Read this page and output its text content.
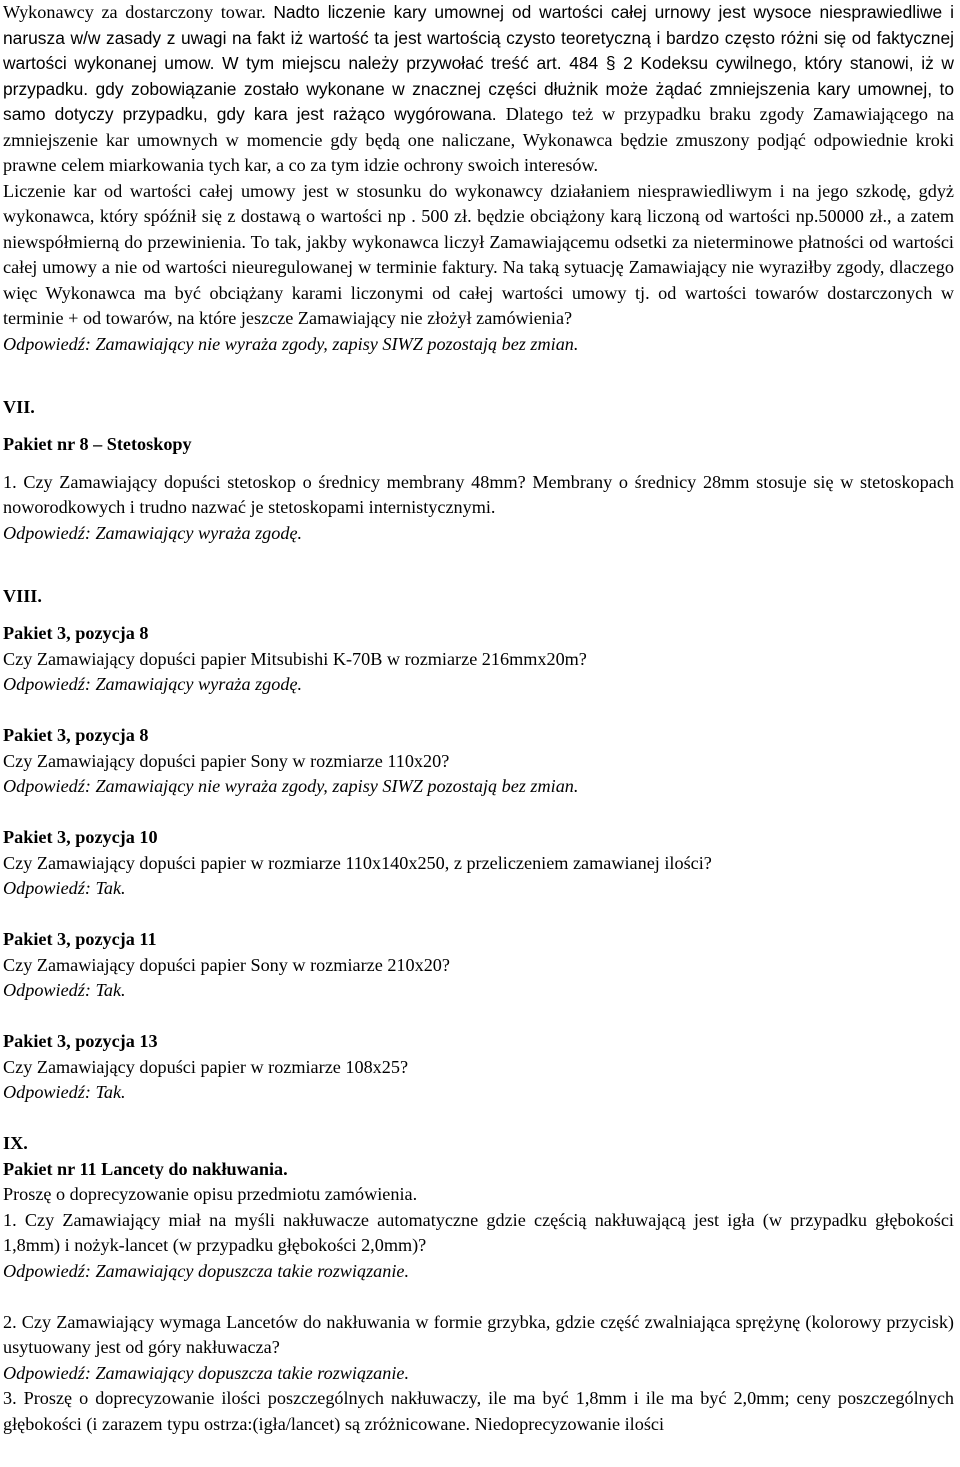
Wykonawcy za dostarczony towar. Nadto liczenie kary umownej od wartości całej urnowy jest wysoce niesprawiedliwe i narusza w/w zasady z uwagi na fakt iż wartość ta jest wartością czysto teoretyczną i bardzo często różni się od faktycznej wartości wykonanej umow. W tym miejscu należy przywołać treść art. 484 § 2 Kodeksu cywilnego, który stanowi, iż w przypadku. gdy zobowiązanie zostało wykonane w znacznej części dłużnik może żądać zmniejszenia kary umownej, to samo dotyczy przypadku, gdy kara jest rażąco wygórowana. Dlatego też w przypadku braku zgody Zamawiającego na zmniejszenie kar umownych w momencie gdy będą one naliczane, Wykonawca będzie zmuszony podjąć odpowiednie kroki prawne celem miarkowania tych kar, a co za tym idzie ochrony swoich interesów.

Liczenie kar od wartości całej umowy jest w stosunku do wykonawcy działaniem niesprawiedliwym i na jego szkodę, gdyż wykonawca, który spóźnił się z dostawą o wartości np . 500 zł. będzie obciążony karą liczoną od wartości np.50000 zł., a zatem niewspółmierną do przewinienia. To tak, jakby wykonawca liczył Zamawiającemu odsetki za nieterminowe płatności od wartości całej umowy a nie od wartości nieuregulowanej w terminie faktury. Na taką sytuację Zamawiający nie wyraziłby zgody, dlaczego więc Wykonawca ma być obciążany karami liczonymi od całej wartości umowy tj. od wartości towarów dostarczonych w terminie + od towarów, na które jeszcze Zamawiający nie złożył zamówienia?

Odpowiedź: Zamawiający nie wyraża zgody, zapisy SIWZ pozostają bez zmian.

VII.

Pakiet nr 8 – Stetoskopy

1. Czy Zamawiający dopuści stetoskop o średnicy membrany 48mm? Membrany o średnicy 28mm stosuje się w stetoskopach noworodkowych i trudno nazwać je stetoskopami internistycznymi.

Odpowiedź: Zamawiający wyraża zgodę.

VIII.

Pakiet 3, pozycja 8

Czy Zamawiający dopuści papier Mitsubishi K-70B w rozmiarze 216mmx20m?

Odpowiedź: Zamawiający wyraża zgodę.

Pakiet 3, pozycja 8

Czy Zamawiający dopuści papier Sony w rozmiarze 110x20?

Odpowiedź: Zamawiający nie wyraża zgody, zapisy SIWZ pozostają bez zmian.

Pakiet 3, pozycja 10

Czy Zamawiający dopuści papier w rozmiarze 110x140x250, z przeliczeniem zamawianej ilości?

Odpowiedź: Tak.

Pakiet 3, pozycja 11

Czy Zamawiający dopuści papier Sony w rozmiarze 210x20?

Odpowiedź: Tak.

Pakiet 3, pozycja 13

Czy Zamawiający dopuści papier w rozmiarze 108x25?

Odpowiedź: Tak.

IX.

Pakiet nr 11 Lancety do nakłuwania.

Proszę o doprecyzowanie opisu przedmiotu zamówienia.

1. Czy Zamawiający miał na myśli nakłuwacze automatyczne gdzie częścią nakłuwającą jest igła (w przypadku głębokości 1,8mm) i nożyk-lancet (w przypadku głębokości 2,0mm)?

Odpowiedź: Zamawiający dopuszcza takie rozwiązanie.

2. Czy Zamawiający wymaga Lancetów do nakłuwania w formie grzybka, gdzie część zwalniająca sprężynę (kolorowy przycisk) usytuowany jest od góry nakłuwacza?

Odpowiedź: Zamawiający dopuszcza takie rozwiązanie.

3. Proszę o doprecyzowanie ilości poszczególnych nakłuwaczy, ile ma być 1,8mm i ile ma być 2,0mm; ceny poszczególnych głębokości (i zarazem typu ostrza:(igła/lancet) są zróżnicowane. Niedoprecyzowanie ilości
